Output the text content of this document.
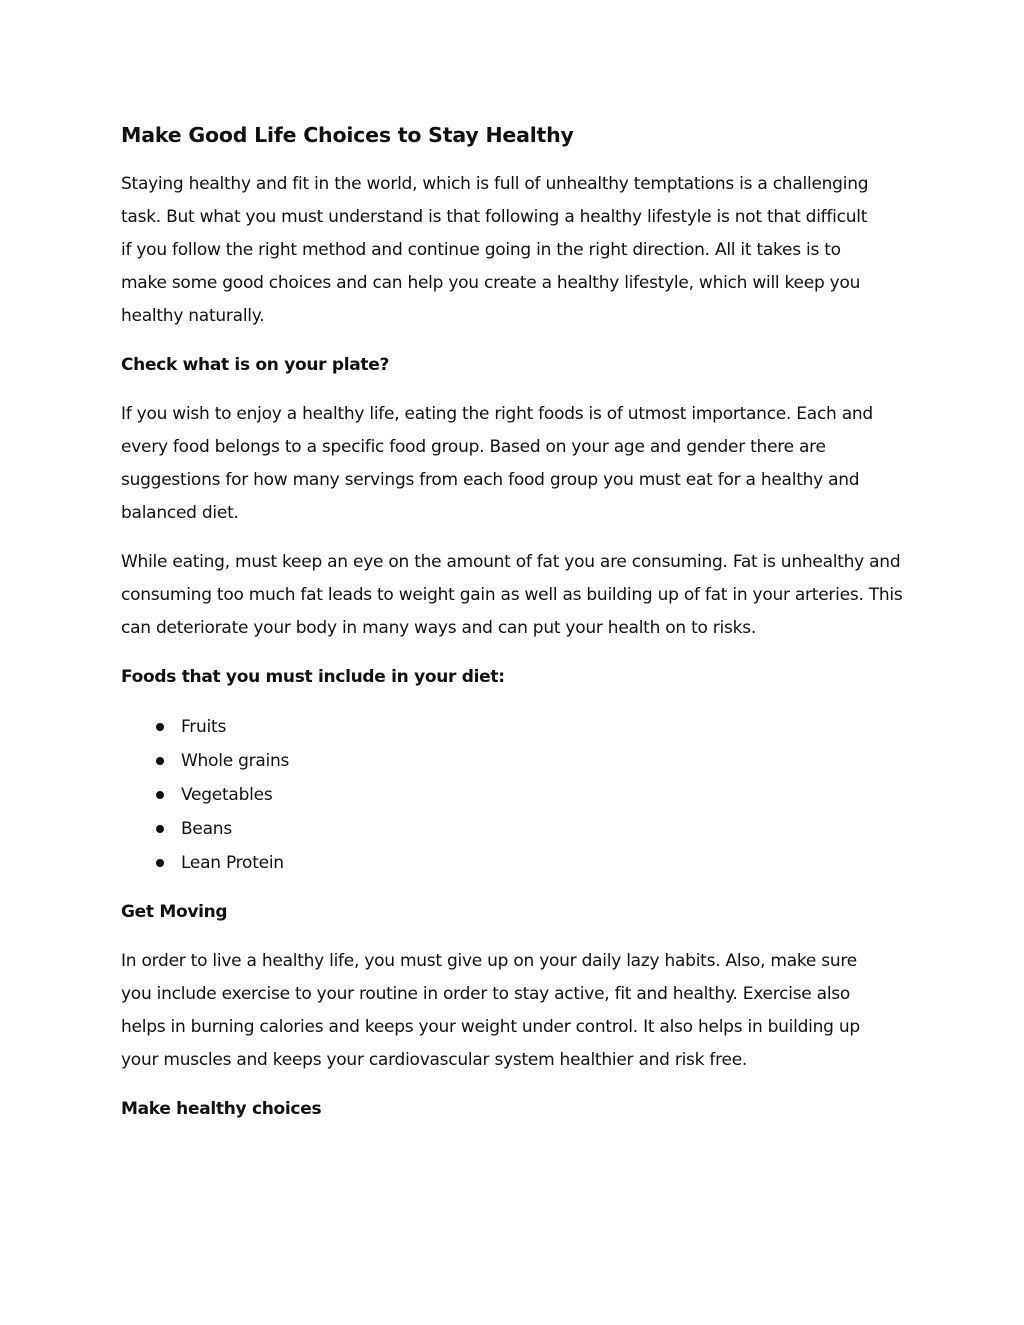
Make Good Life Choices to Stay Healthy

Staying healthy and fit in the world, which is full of unhealthy temptations is a challenging task. But what you must understand is that following a healthy lifestyle is not that difficult if you follow the right method and continue going in the right direction. All it takes is to make some good choices and can help you create a healthy lifestyle, which will keep you healthy naturally.

Check what is on your plate?

If you wish to enjoy a healthy life, eating the right foods is of utmost importance. Each and every food belongs to a specific food group. Based on your age and gender there are suggestions for how many servings from each food group you must eat for a healthy and balanced diet.

While eating, must keep an eye on the amount of fat you are consuming. Fat is unhealthy and consuming too much fat leads to weight gain as well as building up of fat in your arteries. This can deteriorate your body in many ways and can put your health on to risks.

Foods that you must include in your diet:
Fruits
Whole grains
Vegetables
Beans
Lean Protein
Get Moving

In order to live a healthy life, you must give up on your daily lazy habits. Also, make sure you include exercise to your routine in order to stay active, fit and healthy. Exercise also helps in burning calories and keeps your weight under control. It also helps in building up your muscles and keeps your cardiovascular system healthier and risk free.

Make healthy choices
